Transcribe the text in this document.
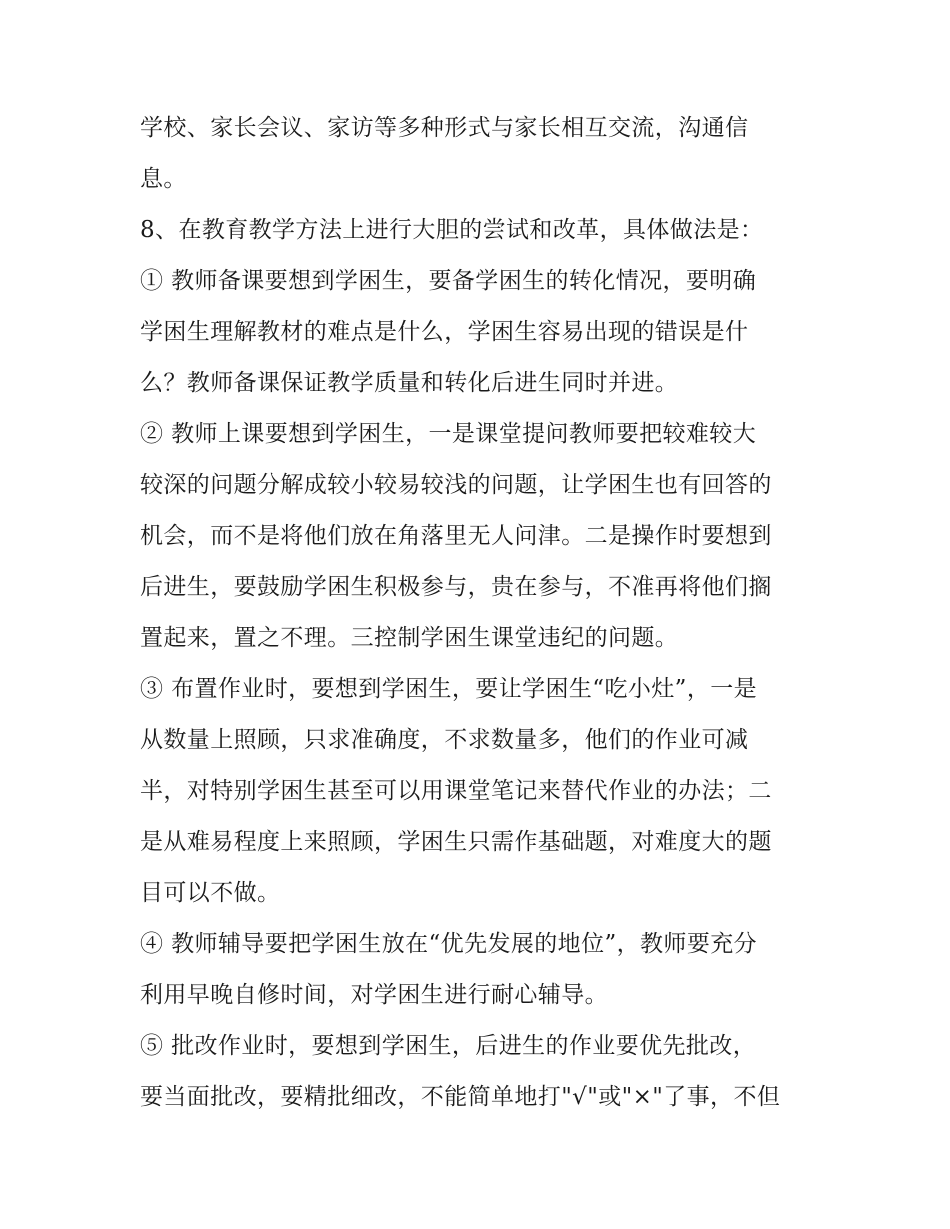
学校、家长会议、家访等多种形式与家长相互交流，沟通信
息。
8、在教育教学方法上进行大胆的尝试和改革，具体做法是：
① 教师备课要想到学困生，要备学困生的转化情况，要明确
学困生理解教材的难点是什么，学困生容易出现的错误是什
么？教师备课保证教学质量和转化后进生同时并进。
② 教师上课要想到学困生，一是课堂提问教师要把较难较大
较深的问题分解成较小较易较浅的问题，让学困生也有回答的
机会，而不是将他们放在角落里无人问津。二是操作时要想到
后进生，要鼓励学困生积极参与，贵在参与，不准再将他们搁
置起来，置之不理。三控制学困生课堂违纪的问题。
③ 布置作业时，要想到学困生，要让学困生“吃小灶”，一是
从数量上照顾，只求准确度，不求数量多，他们的作业可减
半，对特别学困生甚至可以用课堂笔记来替代作业的办法；二
是从难易程度上来照顾，学困生只需作基础题，对难度大的题
目可以不做。
④ 教师辅导要把学困生放在“优先发展的地位”，教师要充分
利用早晚自修时间，对学困生进行耐心辅导。
⑤ 批改作业时，要想到学困生，后进生的作业要优先批改，
要当面批改，要精批细改，不能简单地打"√"或"×"了事，不但
